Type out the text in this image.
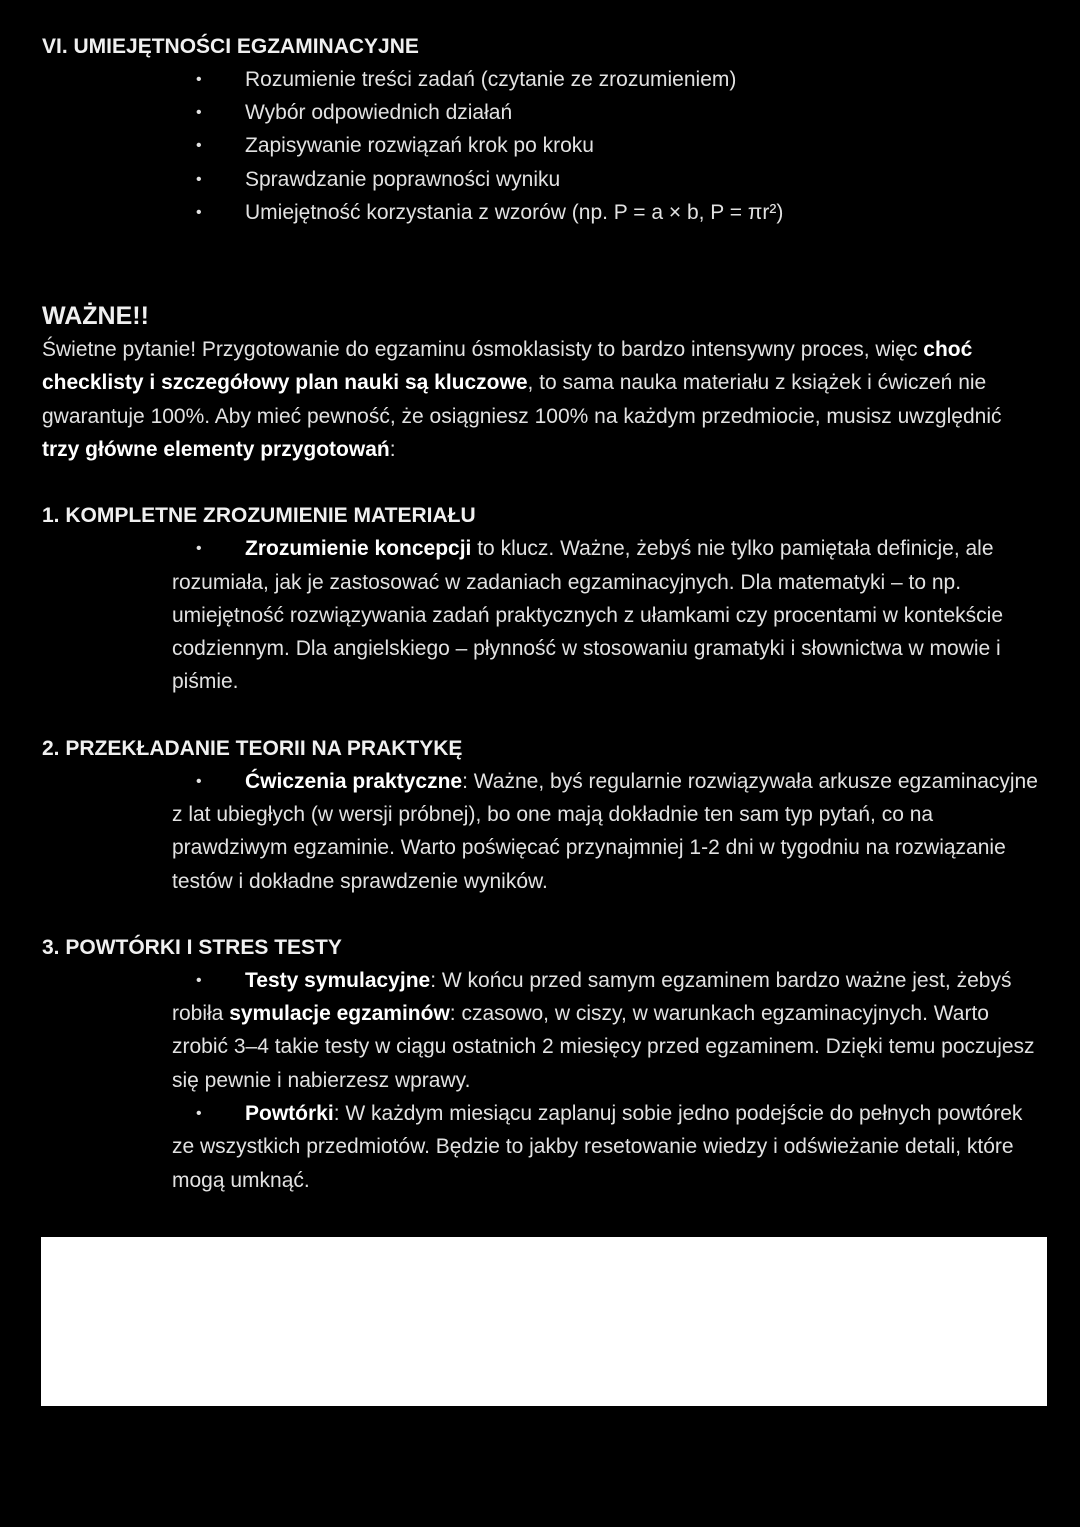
VI. UMIEJĘTNOŚCI EGZAMINACYJNE
• Rozumienie treści zadań (czytanie ze zrozumieniem)
• Wybór odpowiednich działań
• Zapisywanie rozwiązań krok po kroku
• Sprawdzanie poprawności wyniku
• Umiejętność korzystania z wzorów (np. P = a × b, P = πr²)
WAŻNE!!
Świetne pytanie! Przygotowanie do egzaminu ósmoklasisty to bardzo intensywny proces, więc choć checklisty i szczegółowy plan nauki są kluczowe, to sama nauka materiału z książek i ćwiczeń nie gwarantuje 100%. Aby mieć pewność, że osiągniesz 100% na każdym przedmiocie, musisz uwzględnić trzy główne elementy przygotowań:
1. KOMPLETNE ZROZUMIENIE MATERIAŁU
•	Zrozumienie koncepcji to klucz. Ważne, żebyś nie tylko pamiętała definicje, ale rozumiała, jak je zastosować w zadaniach egzaminacyjnych. Dla matematyki – to np. umiejętność rozwiązywania zadań praktycznych z ułamkami czy procentami w kontekście codziennym. Dla angielskiego – płynność w stosowaniu gramatyki i słownictwa w mowie i piśmie.
2. PRZEKŁADANIE TEORII NA PRAKTYKĘ
•	Ćwiczenia praktyczne: Ważne, byś regularnie rozwiązywała arkusze egzaminacyjne z lat ubiegłych (w wersji próbnej), bo one mają dokładnie ten sam typ pytań, co na prawdziwym egzaminie. Warto poświęcać przynajmniej 1-2 dni w tygodniu na rozwiązanie testów i dokładne sprawdzenie wyników.
3. POWTÓRKI I STRES TESTY
•	Testy symulacyjne: W końcu przed samym egzaminem bardzo ważne jest, żebyś robiła symulacje egzaminów: czasowo, w ciszy, w warunkach egzaminacyjnych. Warto zrobić 3–4 takie testy w ciągu ostatnich 2 miesięcy przed egzaminem. Dzięki temu poczujesz się pewnie i nabierzesz wprawy.
•	Powtórki: W każdym miesiącu zaplanuj sobie jedno podejście do pełnych powtórek ze wszystkich przedmiotów. Będzie to jakby resetowanie wiedzy i odświeżanie detali, które mogą umknąć.
